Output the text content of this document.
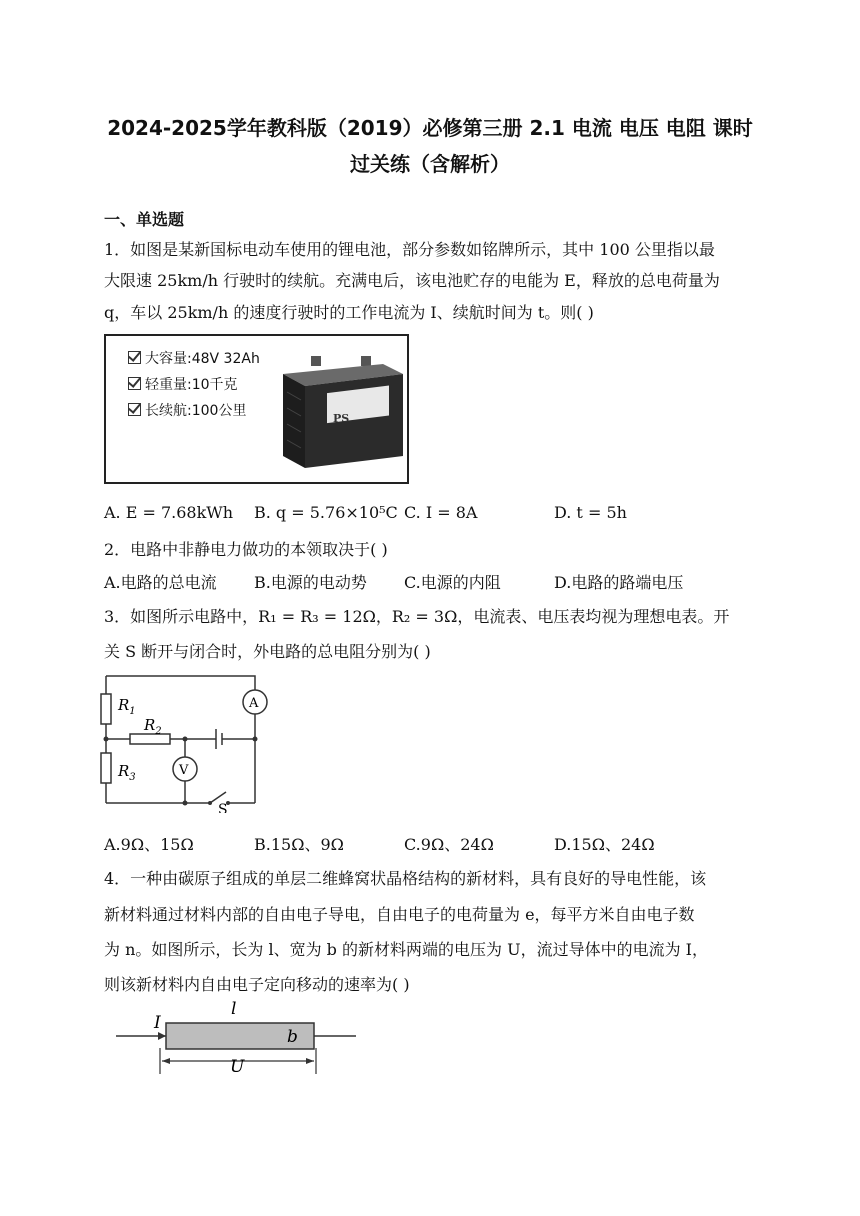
2024-2025学年教科版（2019）必修第三册 2.1 电流 电压 电阻 课时
过关练（含解析）
一、单选题
1．如图是某新国标电动车使用的锂电池，部分参数如铭牌所示，其中 100 公里指以最
大限速 25km/h 行驶时的续航。充满电后，该电池贮存的电能为 E，释放的总电荷量为
q，车以 25km/h 的速度行驶时的工作电流为 I、续航时间为 t。则( )
大容量:48V 32Ah
轻重量:10千克
长续航:100公里	PS
A. E = 7.68kWh B. q = 5.76×10⁵C C. I = 8A	D. t = 5h
2．电路中非静电力做功的本领取决于( )
A.电路的总电流 B.电源的电动势 C.电源的内阻	D.电路的路端电压
3．如图所示电路中，R₁ = R₃ = 12Ω，R₂ = 3Ω，电流表、电压表均视为理想电表。开
关 S 断开与闭合时，外电路的总电阻分别为( )
$R_1$
$R_2$
$R_3$
A
V
S
A.9Ω、15Ω	B.15Ω、9Ω	C.9Ω、24Ω	D.15Ω、24Ω
4．一种由碳原子组成的单层二维蜂窝状晶格结构的新材料，具有良好的导电性能，该
新材料通过材料内部的自由电子导电，自由电子的电荷量为 e，每平方米自由电子数
为 n。如图所示，长为 l、宽为 b 的新材料两端的电压为 U，流过导体中的电流为 I，
则该新材料内自由电子定向移动的速率为( )
I
l
b
U
